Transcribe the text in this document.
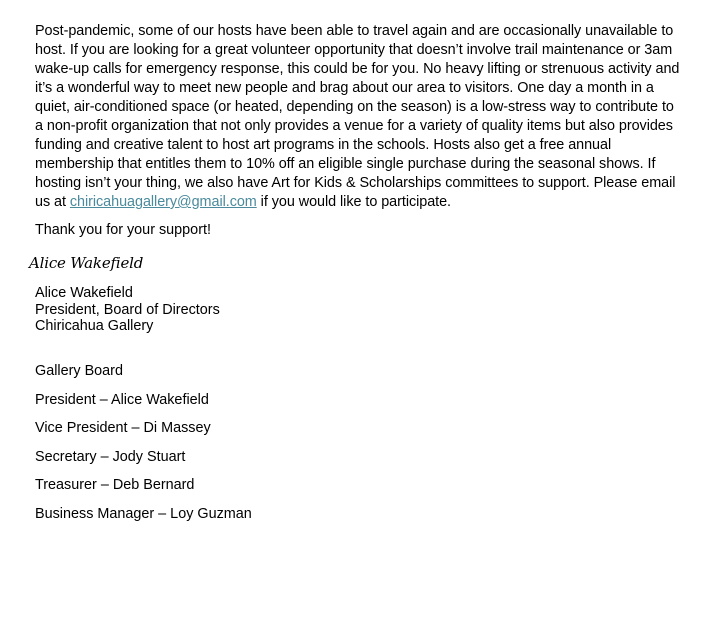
Post-pandemic, some of our hosts have been able to travel again and are occasionally unavailable to host. If you are looking for a great volunteer opportunity that doesn’t involve trail maintenance or 3am wake-up calls for emergency response, this could be for you. No heavy lifting or strenuous activity and it’s a wonderful way to meet new people and brag about our area to visitors. One day a month in a quiet, air-conditioned space (or heated, depending on the season) is a low-stress way to contribute to a non-profit organization that not only provides a venue for a variety of quality items but also provides funding and creative talent to host art programs in the schools. Hosts also get a free annual membership that entitles them to 10% off an eligible single purchase during the seasonal shows. If hosting isn’t your thing, we also have Art for Kids & Scholarships committees to support. Please email us at chiricahuagallery@gmail.com if you would like to participate.

Thank you for your support!

Alice Wakefield
Alice Wakefield
President, Board of Directors
Chiricahua Gallery
Gallery Board
President – Alice Wakefield
Vice President – Di Massey
Secretary – Jody Stuart
Treasurer – Deb Bernard
Business Manager – Loy Guzman
